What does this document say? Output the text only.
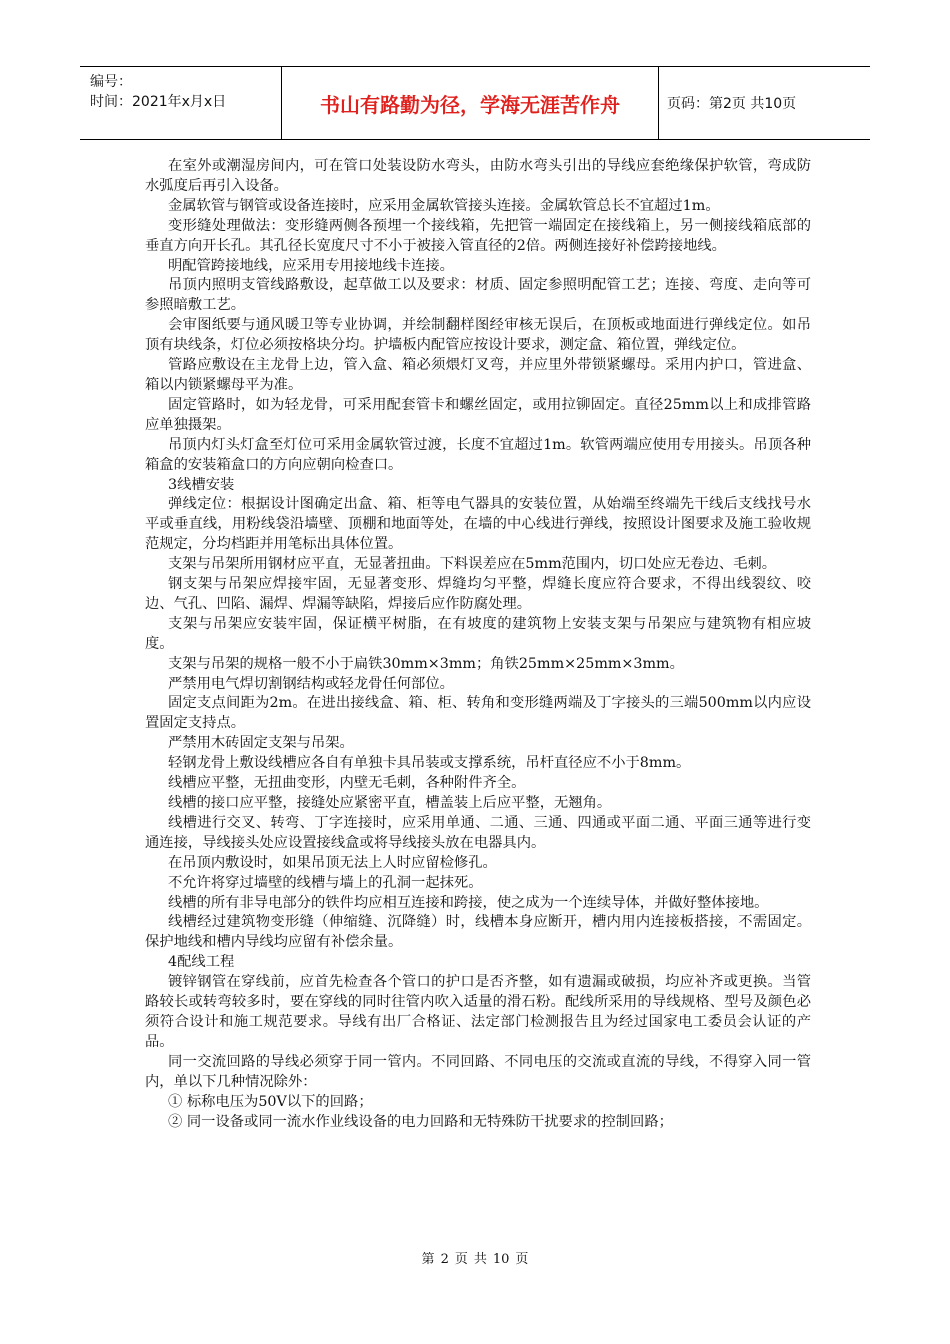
编号：
时间：2021年x月x日	书山有路勤为径，学海无涯苦作舟	页码：第2页 共10页

在室外或潮湿房间内，可在管口处装设防水弯头，由防水弯头引出的导线应套绝缘保护软管，弯成防水弧度后再引入设备。

金属软管与钢管或设备连接时，应采用金属软管接头连接。金属软管总长不宜超过1m。

变形缝处理做法：变形缝两侧各预埋一个接线箱，先把管一端固定在接线箱上，另一侧接线箱底部的垂直方向开长孔。其孔径长宽度尺寸不小于被接入管直径的2倍。两侧连接好补偿跨接地线。

明配管跨接地线，应采用专用接地线卡连接。

吊顶内照明支管线路敷设，起草做工以及要求：材质、固定参照明配管工艺；连接、弯度、走向等可参照暗敷工艺。

会审图纸要与通风暖卫等专业协调，并绘制翻样图经审核无误后，在顶板或地面进行弹线定位。如吊顶有块线条，灯位必须按格块分均。护墙板内配管应按设计要求，测定盒、箱位置，弹线定位。

管路应敷设在主龙骨上边，管入盒、箱必须煨灯叉弯，并应里外带锁紧螺母。采用内护口，管进盒、箱以内锁紧螺母平为准。

固定管路时，如为轻龙骨，可采用配套管卡和螺丝固定，或用拉铆固定。直径25mm以上和成排管路应单独摄架。

吊顶内灯头灯盒至灯位可采用金属软管过渡，长度不宜超过1m。软管两端应使用专用接头。吊顶各种箱盒的安装箱盒口的方向应朝向检查口。

3线槽安装

弹线定位：根据设计图确定出盒、箱、柜等电气器具的安装位置，从始端至终端先干线后支线找号水平或垂直线，用粉线袋沿墙壁、顶棚和地面等处，在墙的中心线进行弹线，按照设计图要求及施工验收规范规定，分均档距并用笔标出具体位置。

支架与吊架所用钢材应平直，无显著扭曲。下料误差应在5mm范围内，切口处应无卷边、毛刺。

钢支架与吊架应焊接牢固，无显著变形、焊缝均匀平整，焊缝长度应符合要求，不得出线裂纹、咬边、气孔、凹陷、漏焊、焊漏等缺陷，焊接后应作防腐处理。

支架与吊架应安装牢固，保证横平树脂，在有坡度的建筑物上安装支架与吊架应与建筑物有相应坡度。

支架与吊架的规格一般不小于扁铁30mm×3mm；角铁25mm×25mm×3mm。

严禁用电气焊切割钢结构或轻龙骨任何部位。

固定支点间距为2m。在进出接线盒、箱、柜、转角和变形缝两端及丁字接头的三端500mm以内应设置固定支持点。

严禁用木砖固定支架与吊架。

轻钢龙骨上敷设线槽应各自有单独卡具吊装或支撑系统，吊杆直径应不小于8mm。

线槽应平整，无扭曲变形，内壁无毛刺，各种附件齐全。

线槽的接口应平整，接缝处应紧密平直，槽盖装上后应平整，无翘角。

线槽进行交叉、转弯、丁字连接时，应采用单通、二通、三通、四通或平面二通、平面三通等进行变通连接，导线接头处应设置接线盒或将导线接头放在电器具内。

在吊顶内敷设时，如果吊顶无法上人时应留检修孔。

不允许将穿过墙壁的线槽与墙上的孔洞一起抹死。

线槽的所有非导电部分的铁件均应相互连接和跨接，使之成为一个连续导体，并做好整体接地。

线槽经过建筑物变形缝（伸缩缝、沉降缝）时，线槽本身应断开，槽内用内连接板搭接，不需固定。保护地线和槽内导线均应留有补偿余量。

4配线工程

镀锌钢管在穿线前，应首先检查各个管口的护口是否齐整，如有遗漏或破损，均应补齐或更换。当管路较长或转弯较多时，要在穿线的同时往管内吹入适量的滑石粉。配线所采用的导线规格、型号及颜色必须符合设计和施工规范要求。导线有出厂合格证、法定部门检测报告且为经过国家电工委员会认证的产品。

同一交流回路的导线必须穿于同一管内。不同回路、不同电压的交流或直流的导线，不得穿入同一管内，单以下几种情况除外：

① 标称电压为50V以下的回路；

② 同一设备或同一流水作业线设备的电力回路和无特殊防干扰要求的控制回路；

第 2 页 共 10 页
